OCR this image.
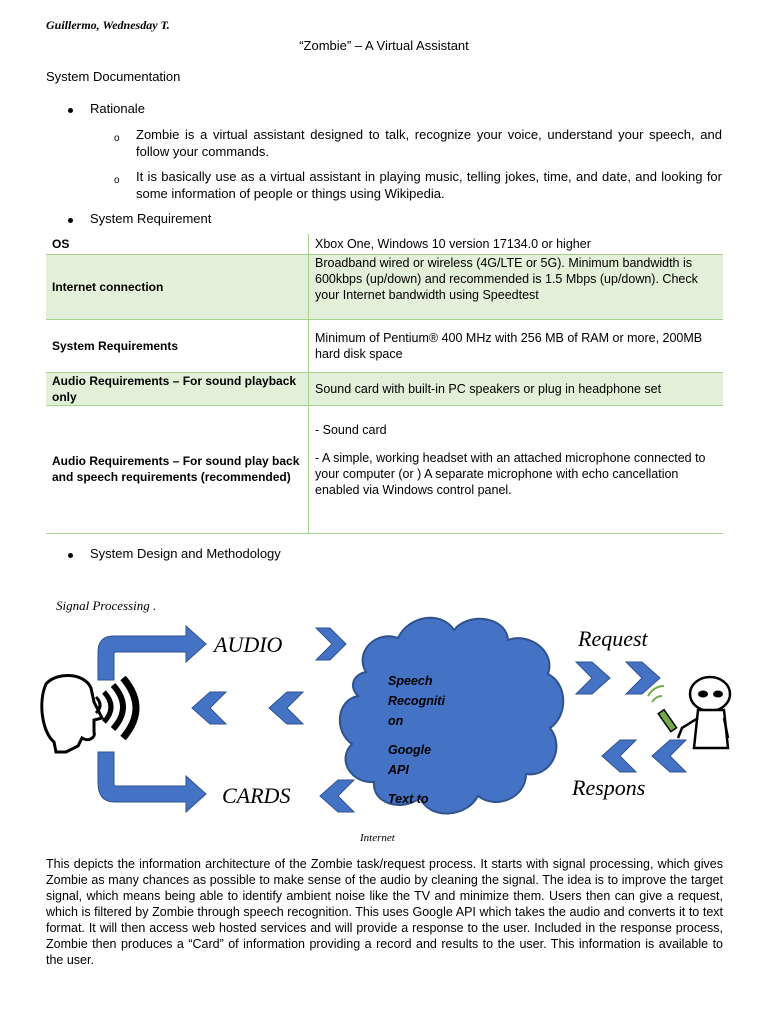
Guillermo, Wednesday T.
“Zombie” – A Virtual Assistant
System Documentation
Rationale
o Zombie is a virtual assistant designed to talk, recognize your voice, understand your speech, and follow your commands.
o It is basically use as a virtual assistant in playing music, telling jokes, time, and date, and looking for some information of people or things using Wikipedia.
System Requirement
OS	Xbox One, Windows 10 version 17134.0 or higher
Internet connection	Broadband wired or wireless (4G/LTE or 5G). Minimum bandwidth is 600kbps (up/down) and recommended is 1.5 Mbps (up/down). Check your Internet bandwidth using Speedtest
System Requirements	Minimum of Pentium® 400 MHz with 256 MB of RAM or more, 200MB hard disk space
Audio Requirements – For sound playback only	Sound card with built-in PC speakers or plug in headphone set
Audio Requirements – For sound play back and speech requirements (recommended)	- Sound card
- A simple, working headset with an attached microphone connected to your computer (or ) A separate microphone with echo cancellation enabled via Windows control panel.
System Design and Methodology
Signal Processing .
AUDIO
CARDS
Speech
Recogniti
on
Google
API
Text to
Internet
Request
Respons
This depicts the information architecture of the Zombie task/request process. It starts with signal processing, which gives Zombie as many chances as possible to make sense of the audio by cleaning the signal. The idea is to improve the target signal, which means being able to identify ambient noise like the TV and minimize them. Users then can give a request, which is filtered by Zombie through speech recognition. This uses Google API which takes the audio and converts it to text format. It will then access web hosted services and will provide a response to the user. Included in the response process, Zombie then produces a “Card” of information providing a record and results to the user. This information is available to the user.
